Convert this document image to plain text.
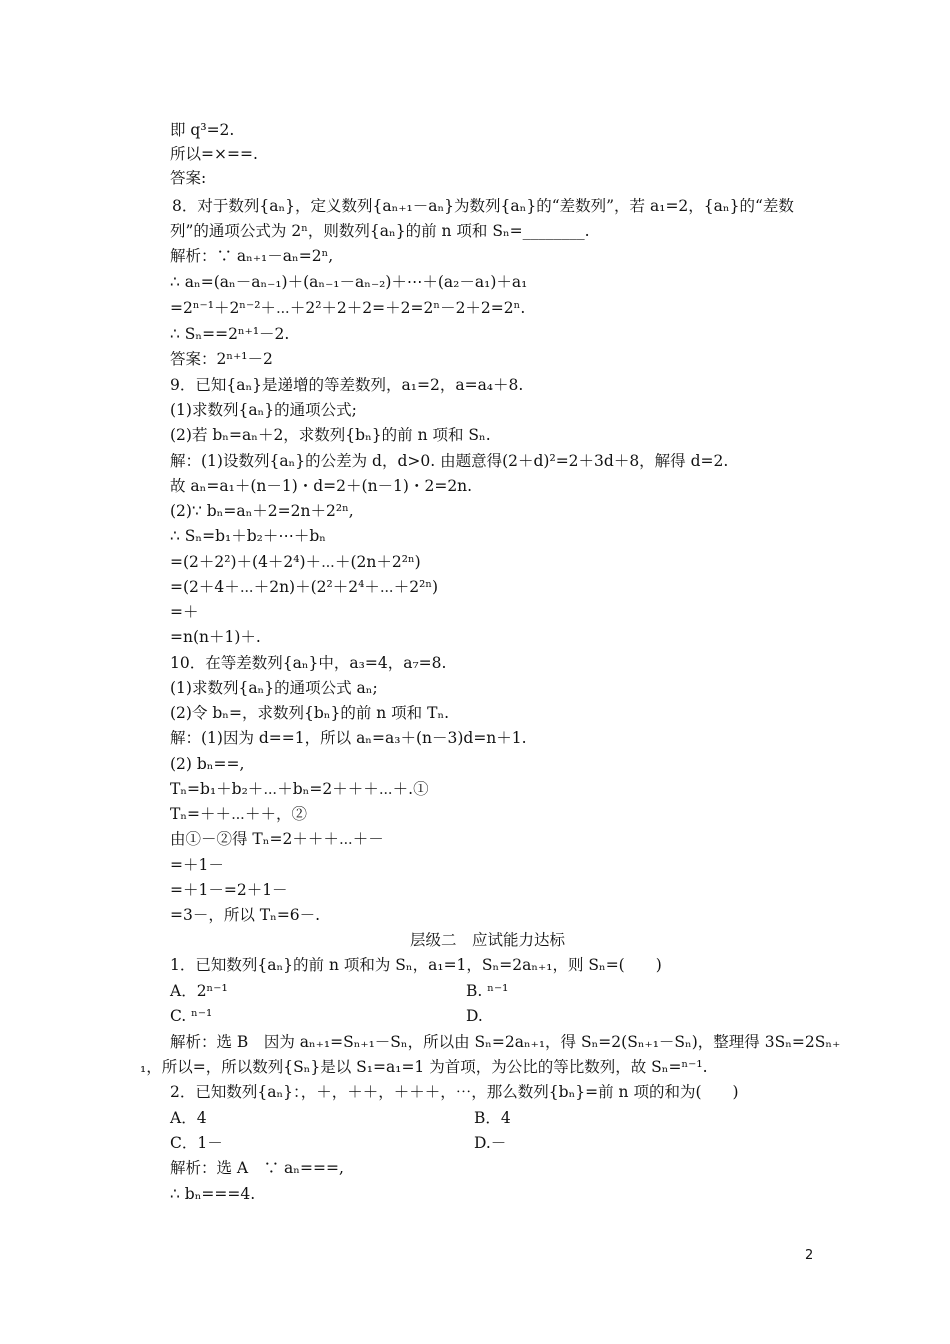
即 q³=2.
所以=×==.
答案:
8．对于数列{aₙ}，定义数列{aₙ₊₁－aₙ}为数列{aₙ}的“差数列”，若 a₁=2，{aₙ}的“差数
列”的通项公式为 2ⁿ，则数列{aₙ}的前 n 项和 Sₙ=________.
解析：∵ aₙ₊₁－aₙ=2ⁿ,
∴ aₙ=(aₙ－aₙ₋₁)＋(aₙ₋₁－aₙ₋₂)＋⋯＋(a₂－a₁)＋a₁
=2ⁿ⁻¹＋2ⁿ⁻²＋⋯＋2²＋2＋2=＋2=2ⁿ－2＋2=2ⁿ.
∴ Sₙ==2ⁿ⁺¹－2.
答案：2ⁿ⁺¹－2
9．已知{aₙ}是递增的等差数列，a₁=2，a=a₄＋8.
(1)求数列{aₙ}的通项公式;
(2)若 bₙ=aₙ＋2，求数列{bₙ}的前 n 项和 Sₙ.
解：(1)设数列{aₙ}的公差为 d，d>0. 由题意得(2＋d)²=2＋3d＋8，解得 d=2.
故 aₙ=a₁＋(n－1)・d=2＋(n－1)・2=2n.
(2)∵ bₙ=aₙ＋2=2n＋2²ⁿ,
∴ Sₙ=b₁＋b₂＋⋯＋bₙ
=(2＋2²)＋(4＋2⁴)＋⋯＋(2n＋2²ⁿ)
=(2＋4＋⋯＋2n)＋(2²＋2⁴＋⋯＋2²ⁿ)
=＋
=n(n＋1)＋.
10．在等差数列{aₙ}中，a₃=4，a₇=8.
(1)求数列{aₙ}的通项公式 aₙ;
(2)令 bₙ=，求数列{bₙ}的前 n 项和 Tₙ.
解：(1)因为 d==1，所以 aₙ=a₃＋(n－3)d=n＋1.
(2) bₙ==,
Tₙ=b₁＋b₂＋⋯＋bₙ=2＋＋＋⋯＋.①
Tₙ=＋＋⋯＋＋，②
由①－②得 Tₙ=2＋＋＋⋯＋－
=＋1－
=＋1－=2＋1－
=3－，所以 Tₙ=6－.
层级二　应试能力达标
1．已知数列{aₙ}的前 n 项和为 Sₙ，a₁=1，Sₙ=2aₙ₊₁，则 Sₙ=(　　)
A．2ⁿ⁻¹	B. ⁿ⁻¹
C. ⁿ⁻¹	D.
解析：选 B　因为 aₙ₊₁=Sₙ₊₁－Sₙ，所以由 Sₙ=2aₙ₊₁，得 Sₙ=2(Sₙ₊₁－Sₙ)，整理得 3Sₙ=2Sₙ₊
₁，所以=，所以数列{Sₙ}是以 S₁=a₁=1 为首项，为公比的等比数列，故 Sₙ=ⁿ⁻¹.
2．已知数列{aₙ}：，＋，＋＋，＋＋＋，⋯，那么数列{bₙ}=前 n 项的和为(　　)
A．4	B．4
C．1－	D.－
解析：选 A　∵ aₙ===,
∴ bₙ===4.
2
